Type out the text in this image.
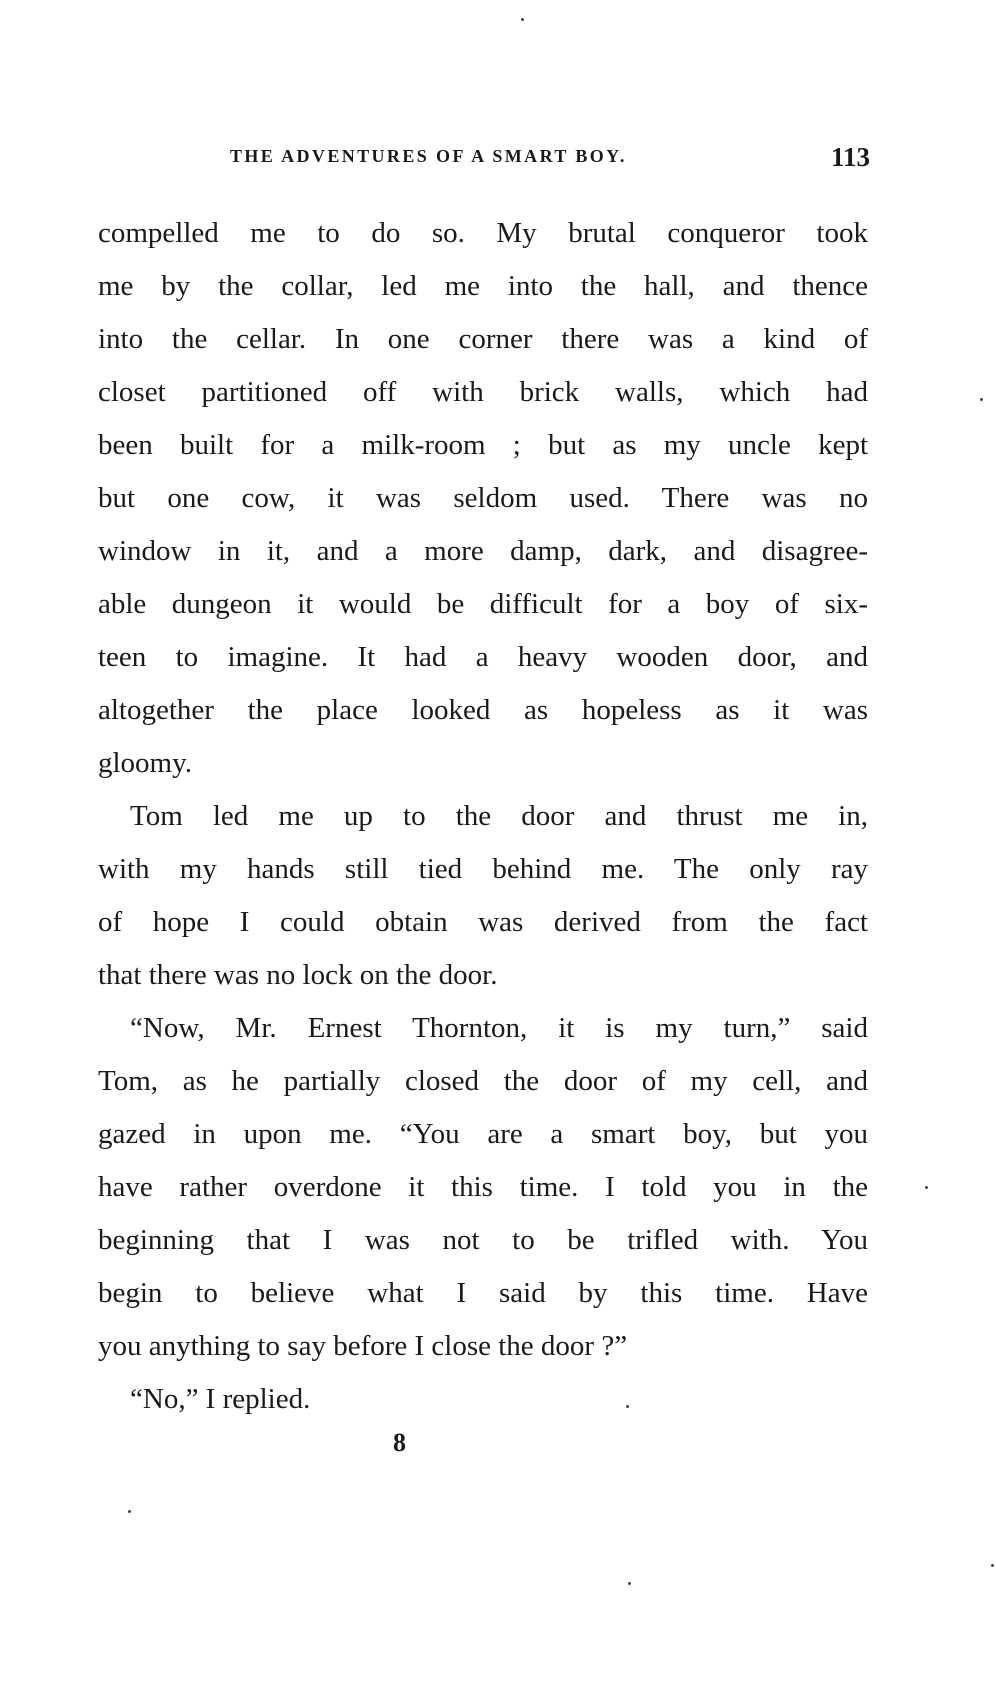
THE ADVENTURES OF A SMART BOY.	113
compelled me to do so. My brutal conqueror took
me by the collar, led me into the hall, and thence
into the cellar. In one corner there was a kind of
closet partitioned off with brick walls, which had
been built for a milk-room ; but as my uncle kept
but one cow, it was seldom used. There was no
window in it, and a more damp, dark, and disagree-
able dungeon it would be difficult for a boy of six-
teen to imagine. It had a heavy wooden door, and
altogether the place looked as hopeless as it was
gloomy.
Tom led me up to the door and thrust me in,
with my hands still tied behind me. The only ray
of hope I could obtain was derived from the fact
that there was no lock on the door.
“Now, Mr. Ernest Thornton, it is my turn,” said
Tom, as he partially closed the door of my cell, and
gazed in upon me. “You are a smart boy, but you
have rather overdone it this time. I told you in the
beginning that I was not to be trifled with. You
begin to believe what I said by this time. Have
you anything to say before I close the door ?”
“No,” I replied.
8
